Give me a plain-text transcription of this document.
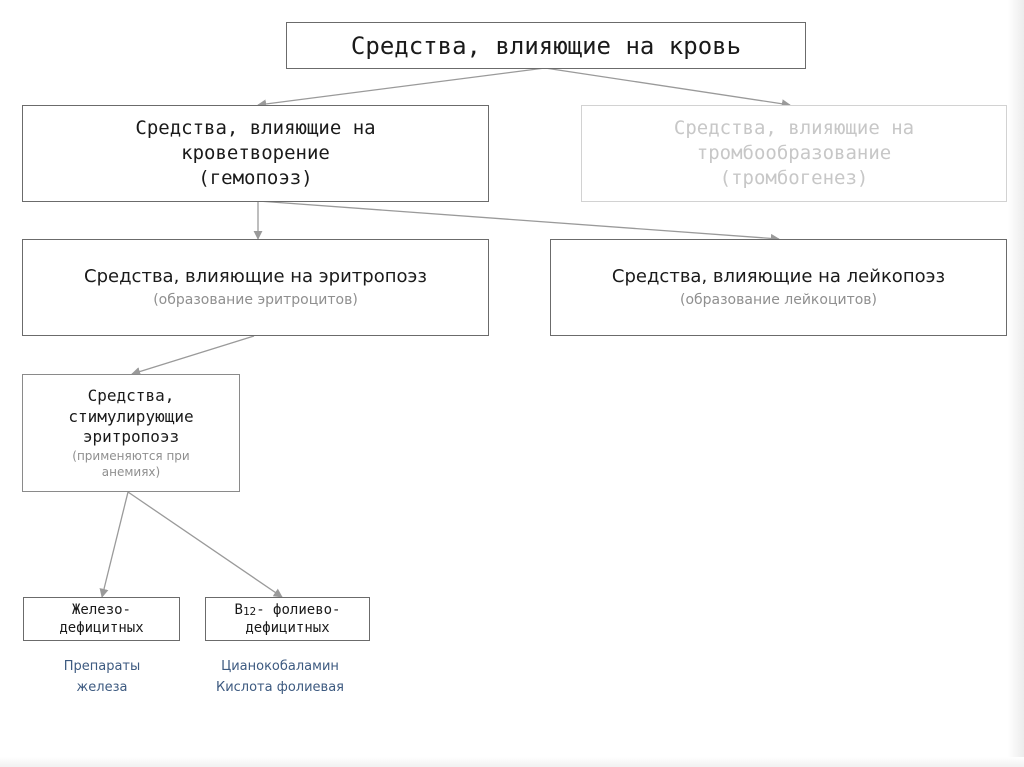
Средства, влияющие на кровь
Средства, влияющие на
кроветворение
(гемопоэз)
Средства, влияющие на
тромбообразование
(тромбогенез)
Средства, влияющие на эритропоэз
(образование эритроцитов)
Средства, влияющие на лейкопоэз
(образование лейкоцитов)
Средства,
стимулирующие
эритропоэз
(применяются при
анемиях)
Железо-
дефицитных
$B_{12}-$ фолиево-
дефицитных
Препараты
железа
Цианокобаламин
Кислота фолиевая
